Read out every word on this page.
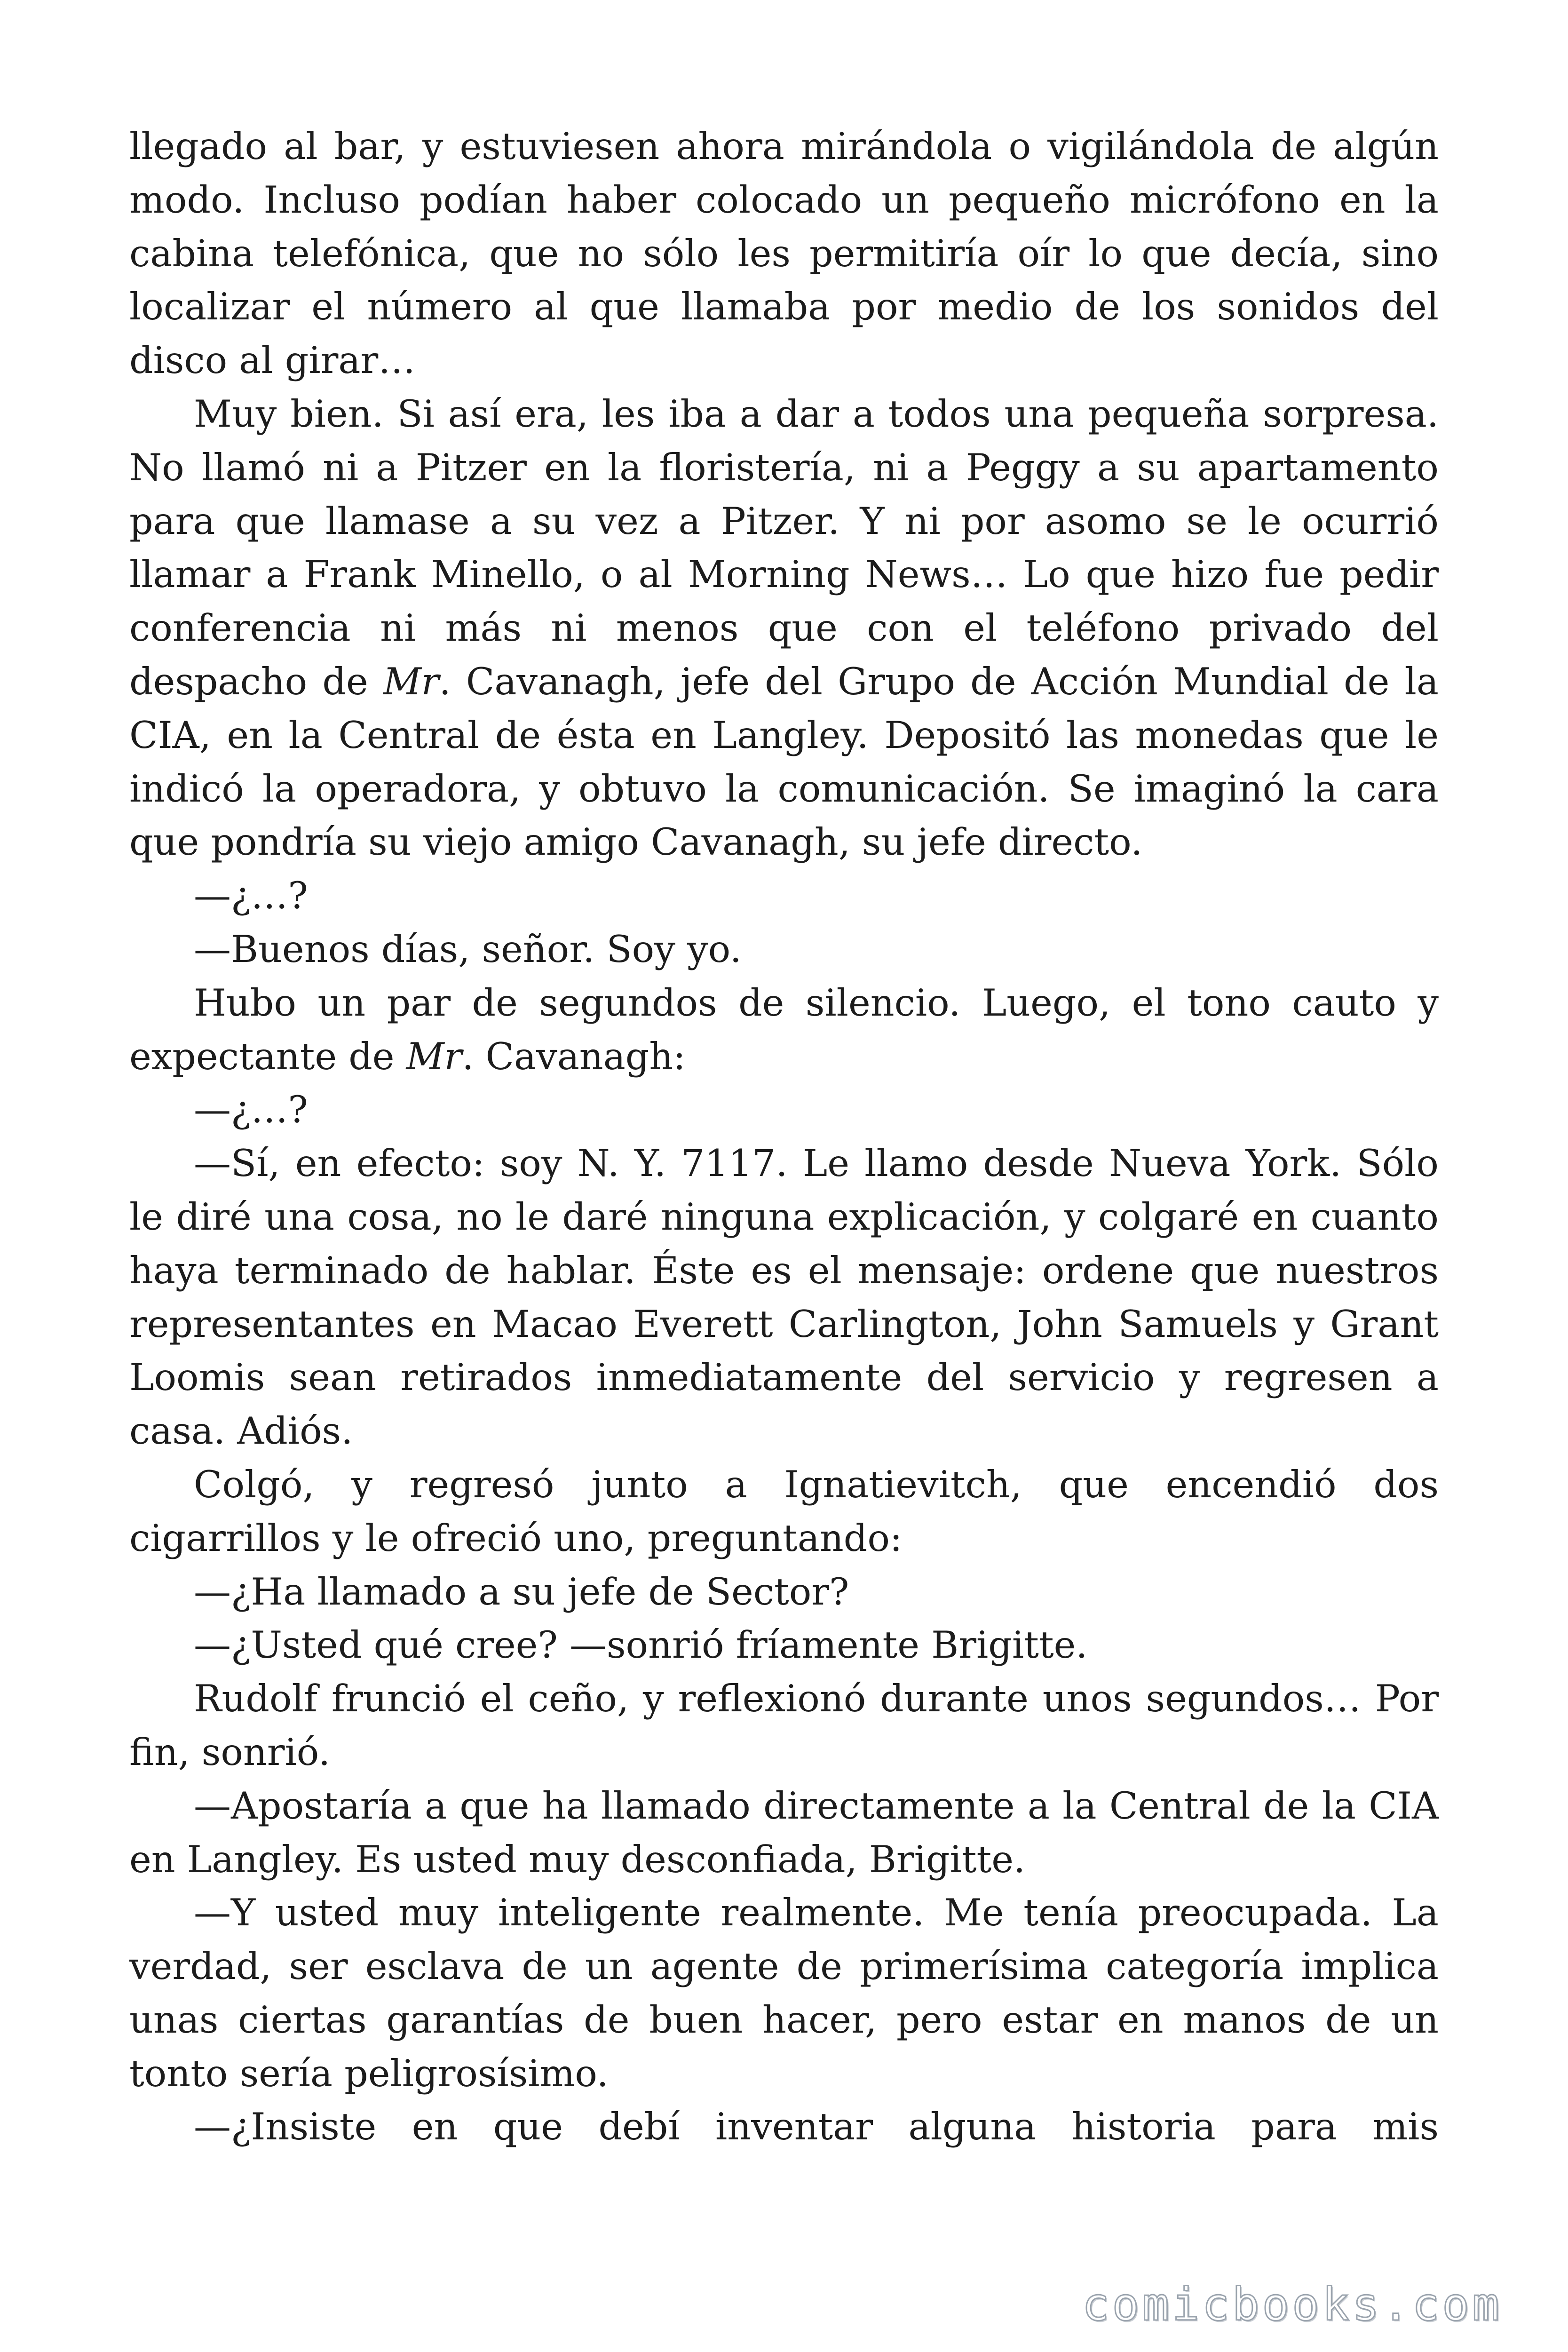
llegado al bar, y estuviesen ahora mirándola o vigilándola de algún modo. Incluso podían haber colocado un pequeño micrófono en la cabina telefónica, que no sólo les permitiría oír lo que decía, sino localizar el número al que llamaba por medio de los sonidos del disco al girar…

Muy bien. Si así era, les iba a dar a todos una pequeña sorpresa. No llamó ni a Pitzer en la floristería, ni a Peggy a su apartamento para que llamase a su vez a Pitzer. Y ni por asomo se le ocurrió llamar a Frank Minello, o al Morning News… Lo que hizo fue pedir conferencia ni más ni menos que con el teléfono privado del despacho de Mr. Cavanagh, jefe del Grupo de Acción Mundial de la CIA, en la Central de ésta en Langley. Depositó las monedas que le indicó la operadora, y obtuvo la comunicación. Se imaginó la cara que pondría su viejo amigo Cavanagh, su jefe directo.

—¿…?

—Buenos días, señor. Soy yo.

Hubo un par de segundos de silencio. Luego, el tono cauto y expectante de Mr. Cavanagh:

—¿…?

—Sí, en efecto: soy N. Y. 7117. Le llamo desde Nueva York. Sólo le diré una cosa, no le daré ninguna explicación, y colgaré en cuanto haya terminado de hablar. Éste es el mensaje: ordene que nuestros representantes en Macao Everett Carlington, John Samuels y Grant Loomis sean retirados inmediatamente del servicio y regresen a casa. Adiós.

Colgó, y regresó junto a Ignatievitch, que encendió dos cigarrillos y le ofreció uno, preguntando:

—¿Ha llamado a su jefe de Sector?

—¿Usted qué cree? —sonrió fríamente Brigitte.

Rudolf frunció el ceño, y reflexionó durante unos segundos… Por fin, sonrió.

—Apostaría a que ha llamado directamente a la Central de la CIA en Langley. Es usted muy desconfiada, Brigitte.

—Y usted muy inteligente realmente. Me tenía preocupada. La verdad, ser esclava de un agente de primerísima categoría implica unas ciertas garantías de buen hacer, pero estar en manos de un tonto sería peligrosísimo.

—¿Insiste en que debí inventar alguna historia para mis

comicbooks.com
